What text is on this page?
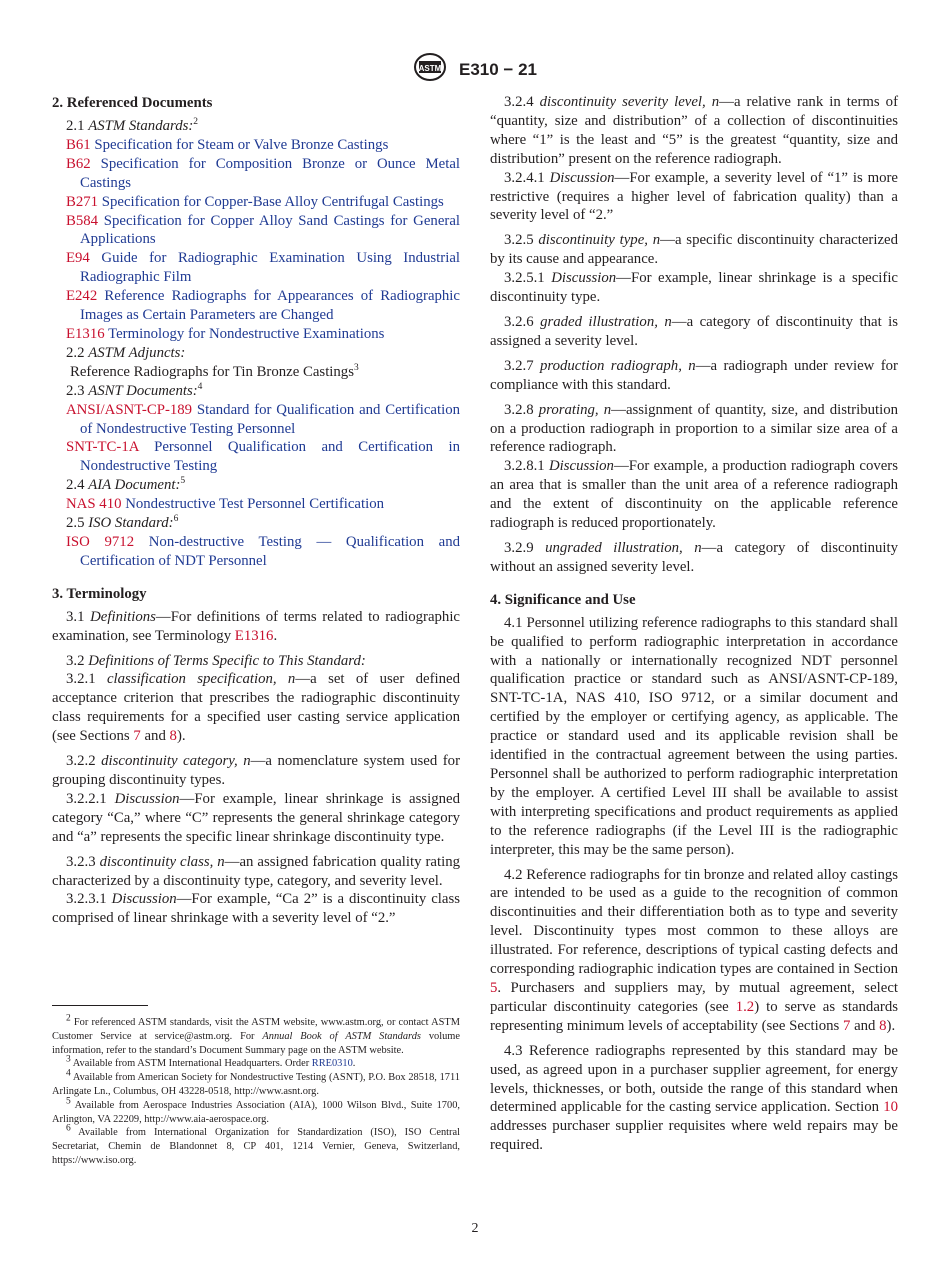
ASTM E310 − 21
2. Referenced Documents

2.1 ASTM Standards:$^2$

B61 Specification for Steam or Valve Bronze Castings

B62 Specification for Composition Bronze or Ounce Metal Castings

B271 Specification for Copper-Base Alloy Centrifugal Castings

B584 Specification for Copper Alloy Sand Castings for General Applications

E94 Guide for Radiographic Examination Using Industrial Radiographic Film

E242 Reference Radiographs for Appearances of Radiographic Images as Certain Parameters are Changed

E1316 Terminology for Nondestructive Examinations

2.2 ASTM Adjuncts:

Reference Radiographs for Tin Bronze Castings$^3$

2.3 ASNT Documents:$^4$

ANSI/ASNT-CP-189 Standard for Qualification and Certification of Nondestructive Testing Personnel

SNT-TC-1A Personnel Qualification and Certification in Nondestructive Testing

2.4 AIA Document:$^5$

NAS 410 Nondestructive Test Personnel Certification

2.5 ISO Standard:$^6$

ISO 9712 Non-destructive Testing — Qualification and Certification of NDT Personnel

3. Terminology

3.1 Definitions—For definitions of terms related to radiographic examination, see Terminology E1316.

3.2 Definitions of Terms Specific to This Standard:

3.2.1 classification specification, n—a set of user defined acceptance criterion that prescribes the radiographic discontinuity class requirements for a specified user casting service application (see Sections 7 and 8).

3.2.2 discontinuity category, n—a nomenclature system used for grouping discontinuity types.

3.2.2.1 Discussion—For example, linear shrinkage is assigned category “Ca,” where “C” represents the general shrinkage category and “a” represents the specific linear shrinkage discontinuity type.

3.2.3 discontinuity class, n—an assigned fabrication quality rating characterized by a discontinuity type, category, and severity level.

3.2.3.1 Discussion—For example, “Ca 2” is a discontinuity class comprised of linear shrinkage with a severity level of “2.”

$^2$ For referenced ASTM standards, visit the ASTM website, www.astm.org, or contact ASTM Customer Service at service@astm.org. For Annual Book of ASTM Standards volume information, refer to the standard’s Document Summary page on the ASTM website.

$^3$ Available from ASTM International Headquarters. Order RRE0310.

$^4$ Available from American Society for Nondestructive Testing (ASNT), P.O. Box 28518, 1711 Arlingate Ln., Columbus, OH 43228-0518, http://www.asnt.org.

$^5$ Available from Aerospace Industries Association (AIA), 1000 Wilson Blvd., Suite 1700, Arlington, VA 22209, http://www.aia-aerospace.org.

$^6$ Available from International Organization for Standardization (ISO), ISO Central Secretariat, Chemin de Blandonnet 8, CP 401, 1214 Vernier, Geneva, Switzerland, https://www.iso.org.

3.2.4 discontinuity severity level, n—a relative rank in terms of “quantity, size and distribution” of a collection of discontinuities where “1” is the least and “5” is the greatest “quantity, size and distribution” present on the reference radiograph.

3.2.4.1 Discussion—For example, a severity level of “1” is more restrictive (requires a higher level of fabrication quality) than a severity level of “2.”

3.2.5 discontinuity type, n—a specific discontinuity characterized by its cause and appearance.

3.2.5.1 Discussion—For example, linear shrinkage is a specific discontinuity type.

3.2.6 graded illustration, n—a category of discontinuity that is assigned a severity level.

3.2.7 production radiograph, n—a radiograph under review for compliance with this standard.

3.2.8 prorating, n—assignment of quantity, size, and distribution on a production radiograph in proportion to a similar size area of a reference radiograph.

3.2.8.1 Discussion—For example, a production radiograph covers an area that is smaller than the unit area of a reference radiograph and the extent of discontinuity on the applicable reference radiograph is reduced proportionately.

3.2.9 ungraded illustration, n—a category of discontinuity without an assigned severity level.

4. Significance and Use

4.1 Personnel utilizing reference radiographs to this standard shall be qualified to perform radiographic interpretation in accordance with a nationally or internationally recognized NDT personnel qualification practice or standard such as ANSI/ASNT-CP-189, SNT-TC-1A, NAS 410, ISO 9712, or a similar document and certified by the employer or certifying agency, as applicable. The practice or standard used and its applicable revision shall be identified in the contractual agreement between the using parties. Personnel shall be authorized to perform radiographic interpretation by the employer. A certified Level III shall be available to assist with interpreting specifications and product requirements as applied to the reference radiographs (if the Level III is the radiographic interpreter, this may be the same person).

4.2 Reference radiographs for tin bronze and related alloy castings are intended to be used as a guide to the recognition of common discontinuities and their differentiation both as to type and severity level. Discontinuity types most common to these alloys are illustrated. For reference, descriptions of typical casting defects and corresponding radiographic indication types are contained in Section 5. Purchasers and suppliers may, by mutual agreement, select particular discontinuity categories (see 1.2) to serve as standards representing minimum levels of acceptability (see Sections 7 and 8).

4.3 Reference radiographs represented by this standard may be used, as agreed upon in a purchaser supplier agreement, for energy levels, thicknesses, or both, outside the range of this standard when determined applicable for the casting service application. Section 10 addresses purchaser supplier requisites where weld repairs may be required.

2
